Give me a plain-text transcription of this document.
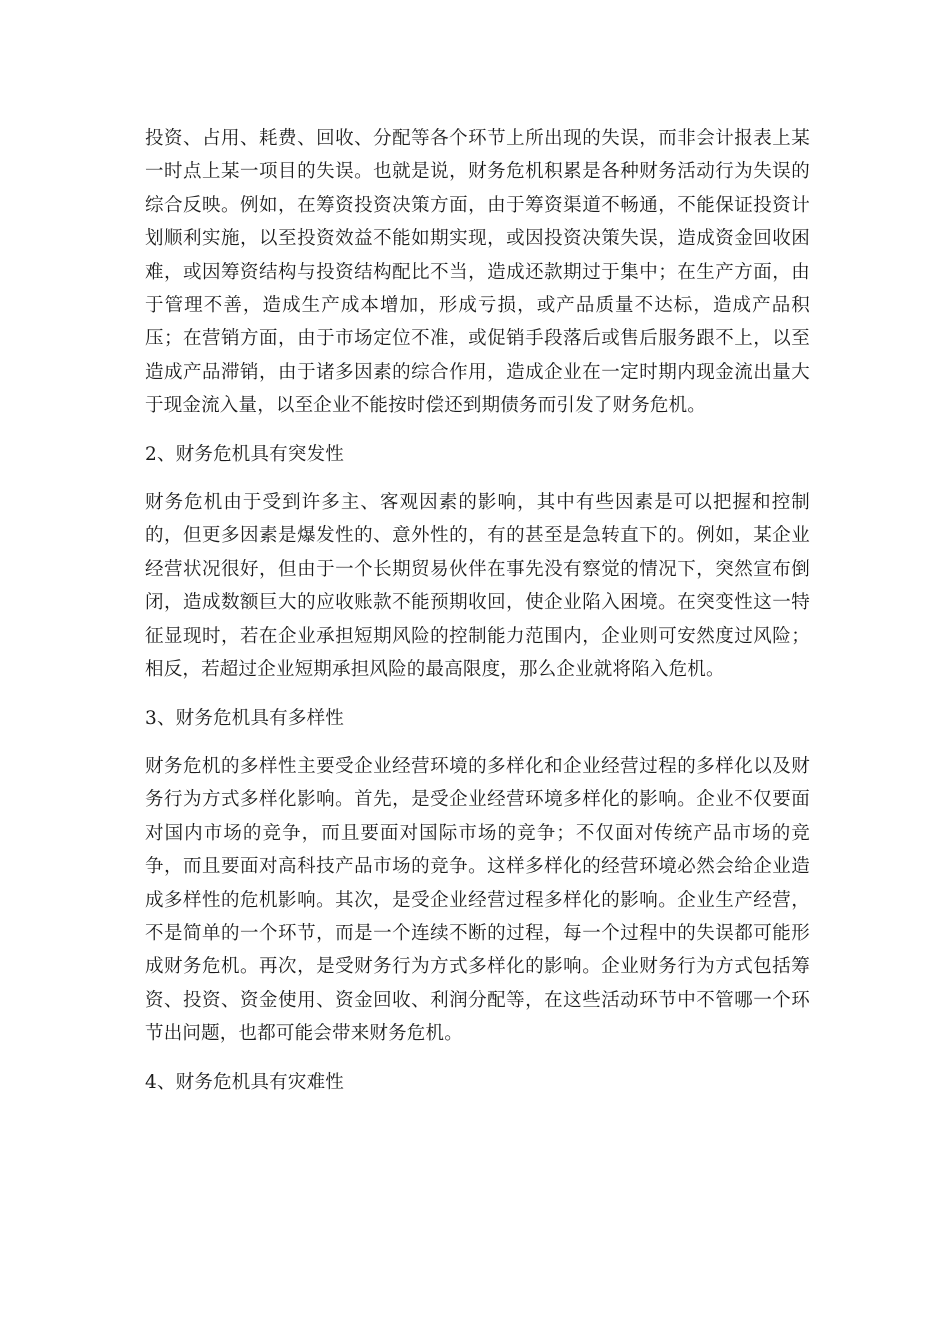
投资、占用、耗费、回收、分配等各个环节上所出现的失误，而非会计报表上某一时点上某一项目的失误。也就是说，财务危机积累是各种财务活动行为失误的综合反映。例如，在筹资投资决策方面，由于筹资渠道不畅通，不能保证投资计划顺利实施，以至投资效益不能如期实现，或因投资决策失误，造成资金回收困难，或因筹资结构与投资结构配比不当，造成还款期过于集中；在生产方面，由于管理不善，造成生产成本增加，形成亏损，或产品质量不达标，造成产品积压；在营销方面，由于市场定位不准，或促销手段落后或售后服务跟不上，以至造成产品滞销，由于诸多因素的综合作用，造成企业在一定时期内现金流出量大于现金流入量，以至企业不能按时偿还到期债务而引发了财务危机。

2、财务危机具有突发性

财务危机由于受到许多主、客观因素的影响，其中有些因素是可以把握和控制的，但更多因素是爆发性的、意外性的，有的甚至是急转直下的。例如，某企业经营状况很好，但由于一个长期贸易伙伴在事先没有察觉的情况下，突然宣布倒闭，造成数额巨大的应收账款不能预期收回，使企业陷入困境。在突变性这一特征显现时，若在企业承担短期风险的控制能力范围内，企业则可安然度过风险；相反，若超过企业短期承担风险的最高限度，那么企业就将陷入危机。

3、财务危机具有多样性

财务危机的多样性主要受企业经营环境的多样化和企业经营过程的多样化以及财务行为方式多样化影响。首先，是受企业经营环境多样化的影响。企业不仅要面对国内市场的竞争，而且要面对国际市场的竞争；不仅面对传统产品市场的竞争，而且要面对高科技产品市场的竞争。这样多样化的经营环境必然会给企业造成多样性的危机影响。其次，是受企业经营过程多样化的影响。企业生产经营，不是简单的一个环节，而是一个连续不断的过程，每一个过程中的失误都可能形成财务危机。再次，是受财务行为方式多样化的影响。企业财务行为方式包括筹资、投资、资金使用、资金回收、利润分配等，在这些活动环节中不管哪一个环节出问题，也都可能会带来财务危机。

4、财务危机具有灾难性
